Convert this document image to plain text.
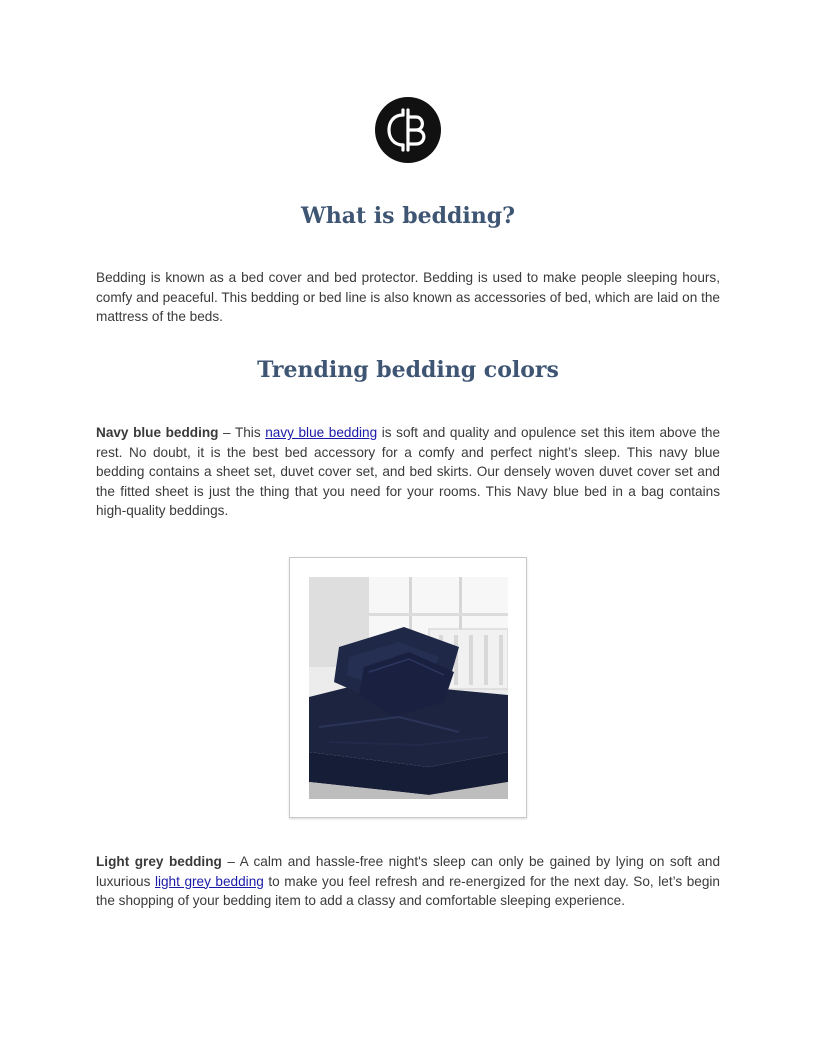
What is bedding?

Bedding is known as a bed cover and bed protector. Bedding is used to make people sleeping hours, comfy and peaceful. This bedding or bed line is also known as accessories of bed, which are laid on the mattress of the beds.

Trending bedding colors

Navy blue bedding – This navy blue bedding is soft and quality and opulence set this item above the rest. No doubt, it is the best bed accessory for a comfy and perfect night’s sleep. This navy blue bedding contains a sheet set, duvet cover set, and bed skirts. Our densely woven duvet cover set and the fitted sheet is just the thing that you need for your rooms. This Navy blue bed in a bag contains high-quality beddings.

Light grey bedding – A calm and hassle-free night's sleep can only be gained by lying on soft and luxurious light grey bedding to make you feel refresh and re-energized for the next day. So, let’s begin the shopping of your bedding item to add a classy and comfortable sleeping experience.
